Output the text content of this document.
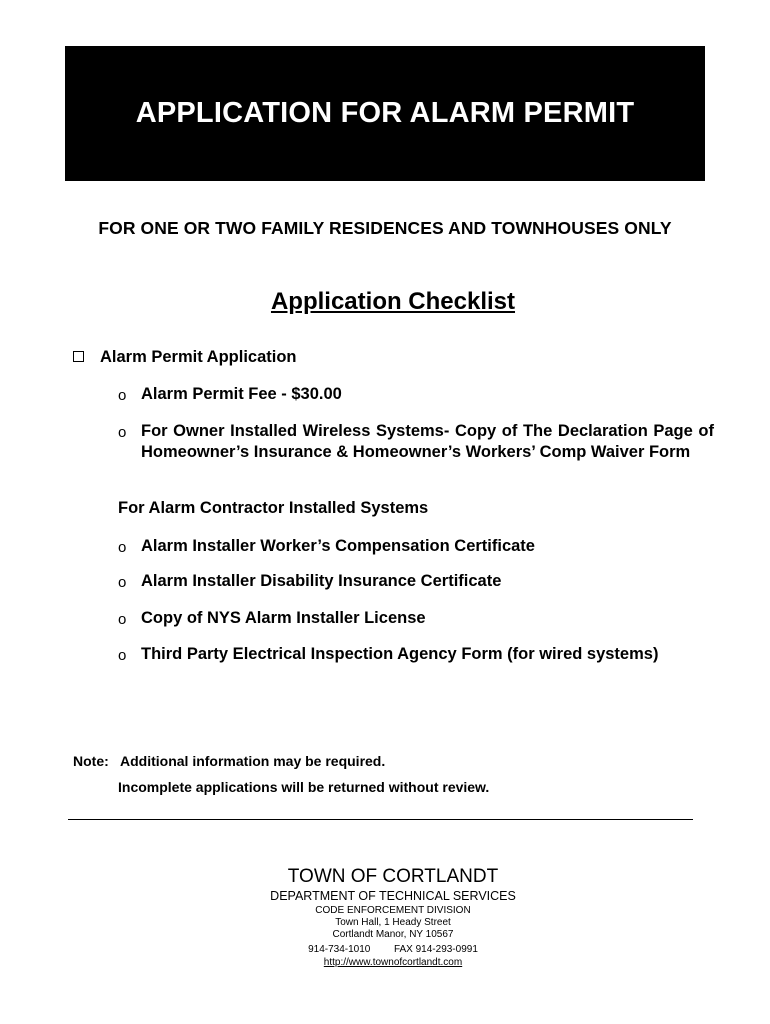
APPLICATION FOR ALARM PERMIT
FOR ONE OR TWO FAMILY RESIDENCES AND TOWNHOUSES ONLY
Application Checklist
Alarm Permit Application
o Alarm Permit Fee - $30.00
o For Owner Installed Wireless Systems- Copy of The Declaration Page of Homeowner’s Insurance & Homeowner’s Workers’ Comp Waiver Form
For Alarm Contractor Installed Systems
o Alarm Installer Worker’s Compensation Certificate
o Alarm Installer Disability Insurance Certificate
o Copy of NYS Alarm Installer License
o Third Party Electrical Inspection Agency Form (for wired systems)
Note: Additional information may be required.
Incomplete applications will be returned without review.
TOWN OF CORTLANDT
DEPARTMENT OF TECHNICAL SERVICES
CODE ENFORCEMENT DIVISION
Town Hall, 1 Heady Street
Cortlandt Manor, NY 10567
914-734-1010 FAX 914-293-0991
http://www.townofcortlandt.com
